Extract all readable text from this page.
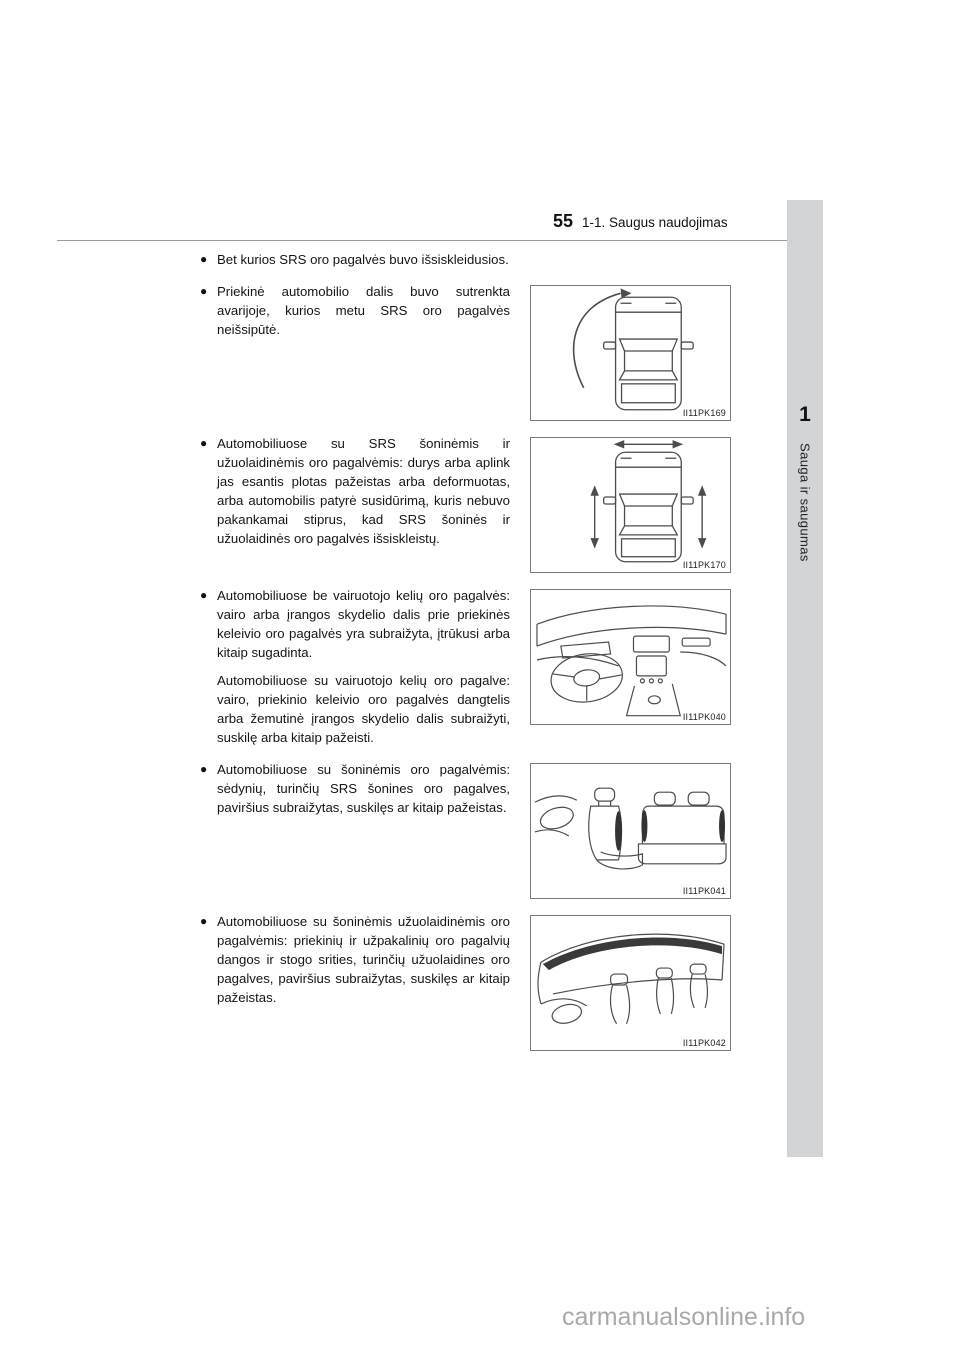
55 1-1. Saugus naudojimas
1
Sauga ir saugumas
● Bet kurios SRS oro pagalvės buvo išsiskleidusios.
● Priekinė automobilio dalis buvo sutrenkta avarijoje, kurios metu SRS oro pagalvės neišsipūtė.
II11PK169
● Automobiliuose su SRS šoninėmis ir užuolaidinėmis oro pagalvėmis: durys arba aplink jas esantis plotas pažeistas arba deformuotas, arba automobilis patyrė susidūrimą, kuris nebuvo pakankamai stiprus, kad SRS šoninės ir užuolaidinės oro pagalvės išsiskleistų.
II11PK170
● Automobiliuose be vairuotojo kelių oro pagalvės: vairo arba įrangos skydelio dalis prie priekinės keleivio oro pagalvės yra subraižyta, įtrūkusi arba kitaip sugadinta.
Automobiliuose su vairuotojo kelių oro pagalve: vairo, priekinio keleivio oro pagalvės dangtelis arba žemutinė įrangos skydelio dalis subraižyti, suskilę arba kitaip pažeisti.
II11PK040
● Automobiliuose su šoninėmis oro pagalvėmis: sėdynių, turinčių SRS šonines oro pagalves, paviršius subraižytas, suskilęs ar kitaip pažeistas.
II11PK041
● Automobiliuose su šoninėmis užuolaidinėmis oro pagalvėmis: priekinių ir užpakalinių oro pagalvių dangos ir stogo srities, turinčių užuolaidines oro pagalves, paviršius subraižytas, suskilęs ar kitaip pažeistas.
II11PK042
carmanualsonline.info
